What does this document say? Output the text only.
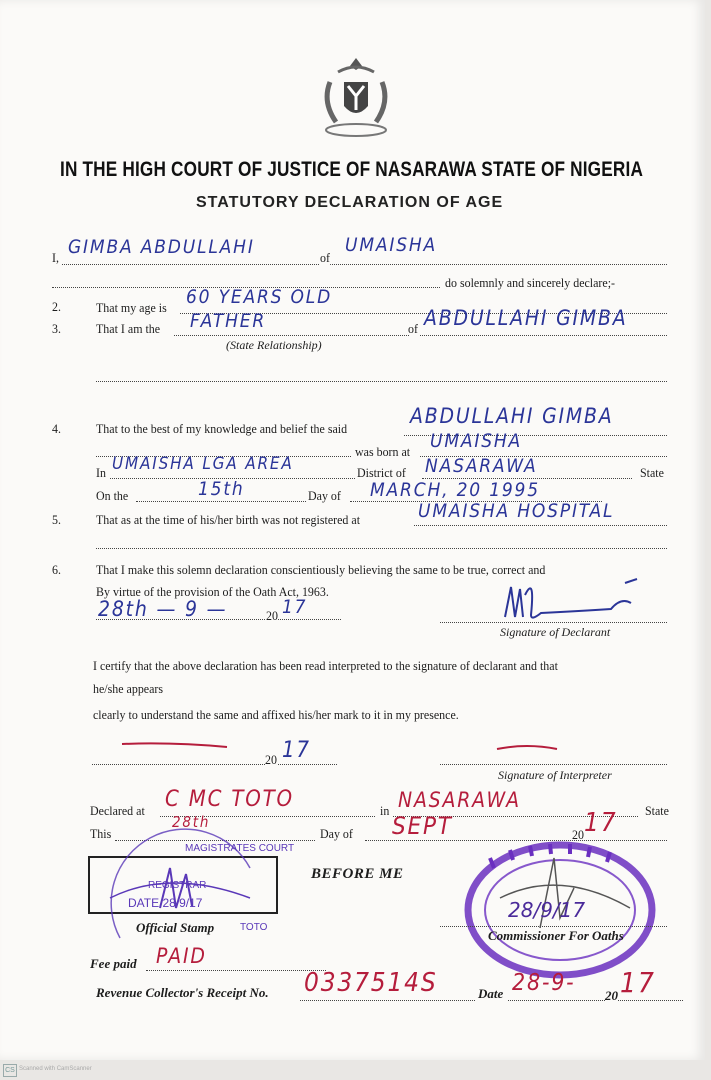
IN THE HIGH COURT OF JUSTICE OF NASARAWA STATE OF NIGERIA
STATUTORY DECLARATION OF AGE
I, GIMBA ABDULLAHI	of
UMAISHA
do solemnly and sincerely declare;-
2.	That my age is 60 YEARS OLD
3.	That I am the FATHER	of ABDULLAHI GIMBA
(State Relationship)
4.	That to the best of my knowledge and belief the said
ABDULLAHI GIMBA
was born at UMAISHA
In UMAISHA LGA AREA	District of NASARAWA	State
On the	15th	Day of MARCH, 20 1995
5.	That as at the time of his/her birth was not registered at	UMAISHA HOSPITAL
6.	That I make this solemn declaration conscientiously believing the same to be true, correct and
By virtue of the provision of the Oath Act, 1963.
28th — 9 —	20 17
Signature of Declarant
I certify that the above declaration has been read interpreted to the signature of declarant and that
he/she appears
clearly to understand the same and affixed his/her mark to it in my presence.
20 17
Signature of Interpreter
Declared at C MC TOTO	in NASARAWA	State
This
28th
Day of SEPT	20 17
MAGISTRATES COURT
REGISTRAR
DATE 28/9/17
Official Stamp	TOTO
BEFORE ME
28/9/17
Commissioner For Oaths
Fee paid PAID
Revenue Collector's Receipt No. 0337514S	Date 28-9- 20 17
CS Scanned with CamScanner
